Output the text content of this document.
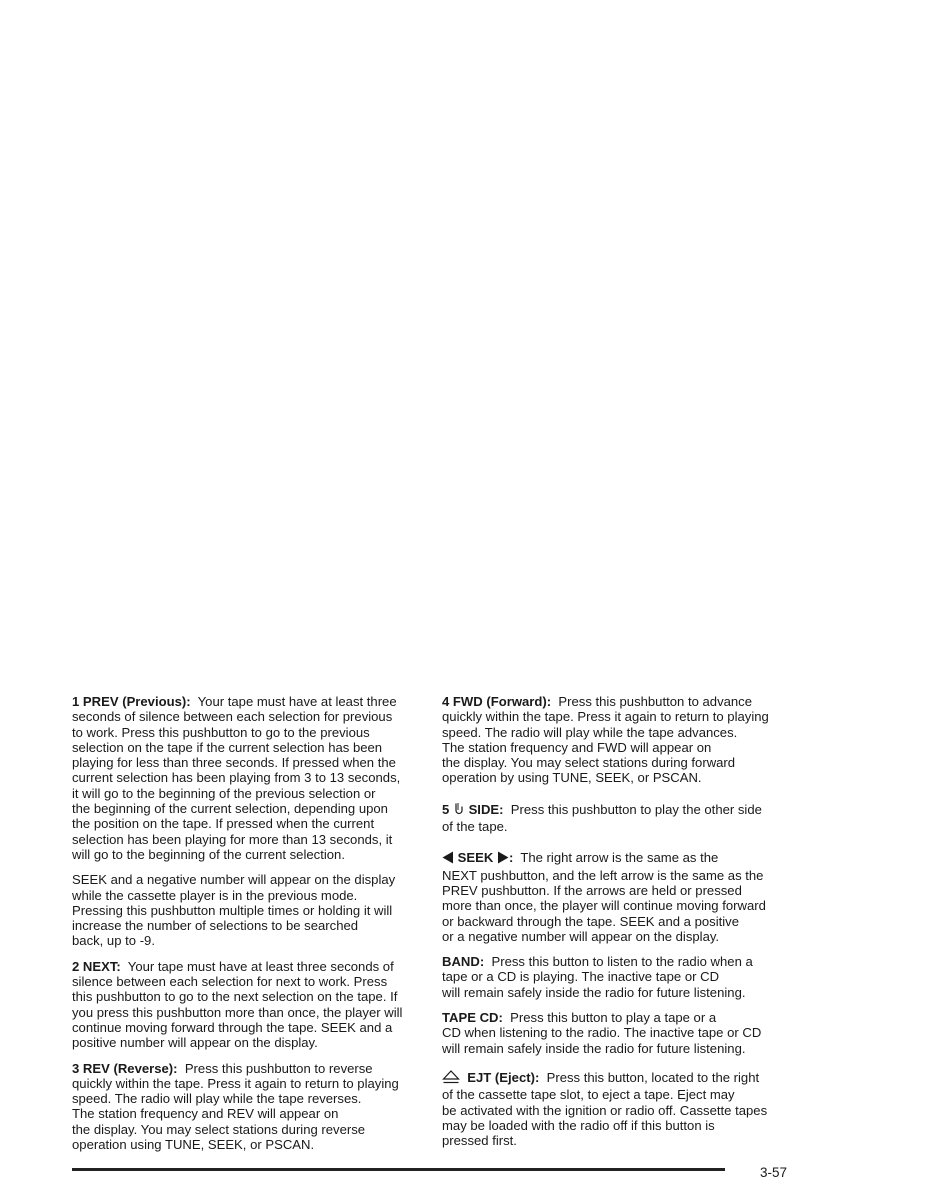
1 PREV (Previous): Your tape must have at least three
seconds of silence between each selection for previous
to work. Press this pushbutton to go to the previous
selection on the tape if the current selection has been
playing for less than three seconds. If pressed when the
current selection has been playing from 3 to 13 seconds,
it will go to the beginning of the previous selection or
the beginning of the current selection, depending upon
the position on the tape. If pressed when the current
selection has been playing for more than 13 seconds, it
will go to the beginning of the current selection.

SEEK and a negative number will appear on the display
while the cassette player is in the previous mode.
Pressing this pushbutton multiple times or holding it will
increase the number of selections to be searched
back, up to -9.

2 NEXT: Your tape must have at least three seconds of
silence between each selection for next to work. Press
this pushbutton to go to the next selection on the tape. If
you press this pushbutton more than once, the player will
continue moving forward through the tape. SEEK and a
positive number will appear on the display.

3 REV (Reverse): Press this pushbutton to reverse
quickly within the tape. Press it again to return to playing
speed. The radio will play while the tape reverses.
The station frequency and REV will appear on
the display. You may select stations during reverse
operation using TUNE, SEEK, or PSCAN.

4 FWD (Forward): Press this pushbutton to advance
quickly within the tape. Press it again to return to playing
speed. The radio will play while the tape advances.
The station frequency and FWD will appear on
the display. You may select stations during forward
operation by using TUNE, SEEK, or PSCAN.

5 SIDE: Press this pushbutton to play the other side
of the tape.

SEEK : The right arrow is the same as the
NEXT pushbutton, and the left arrow is the same as the
PREV pushbutton. If the arrows are held or pressed
more than once, the player will continue moving forward
or backward through the tape. SEEK and a positive
or a negative number will appear on the display.

BAND: Press this button to listen to the radio when a
tape or a CD is playing. The inactive tape or CD
will remain safely inside the radio for future listening.

TAPE CD: Press this button to play a tape or a
CD when listening to the radio. The inactive tape or CD
will remain safely inside the radio for future listening.

EJT (Eject): Press this button, located to the right
of the cassette tape slot, to eject a tape. Eject may
be activated with the ignition or radio off. Cassette tapes
may be loaded with the radio off if this button is
pressed first.

3-57
